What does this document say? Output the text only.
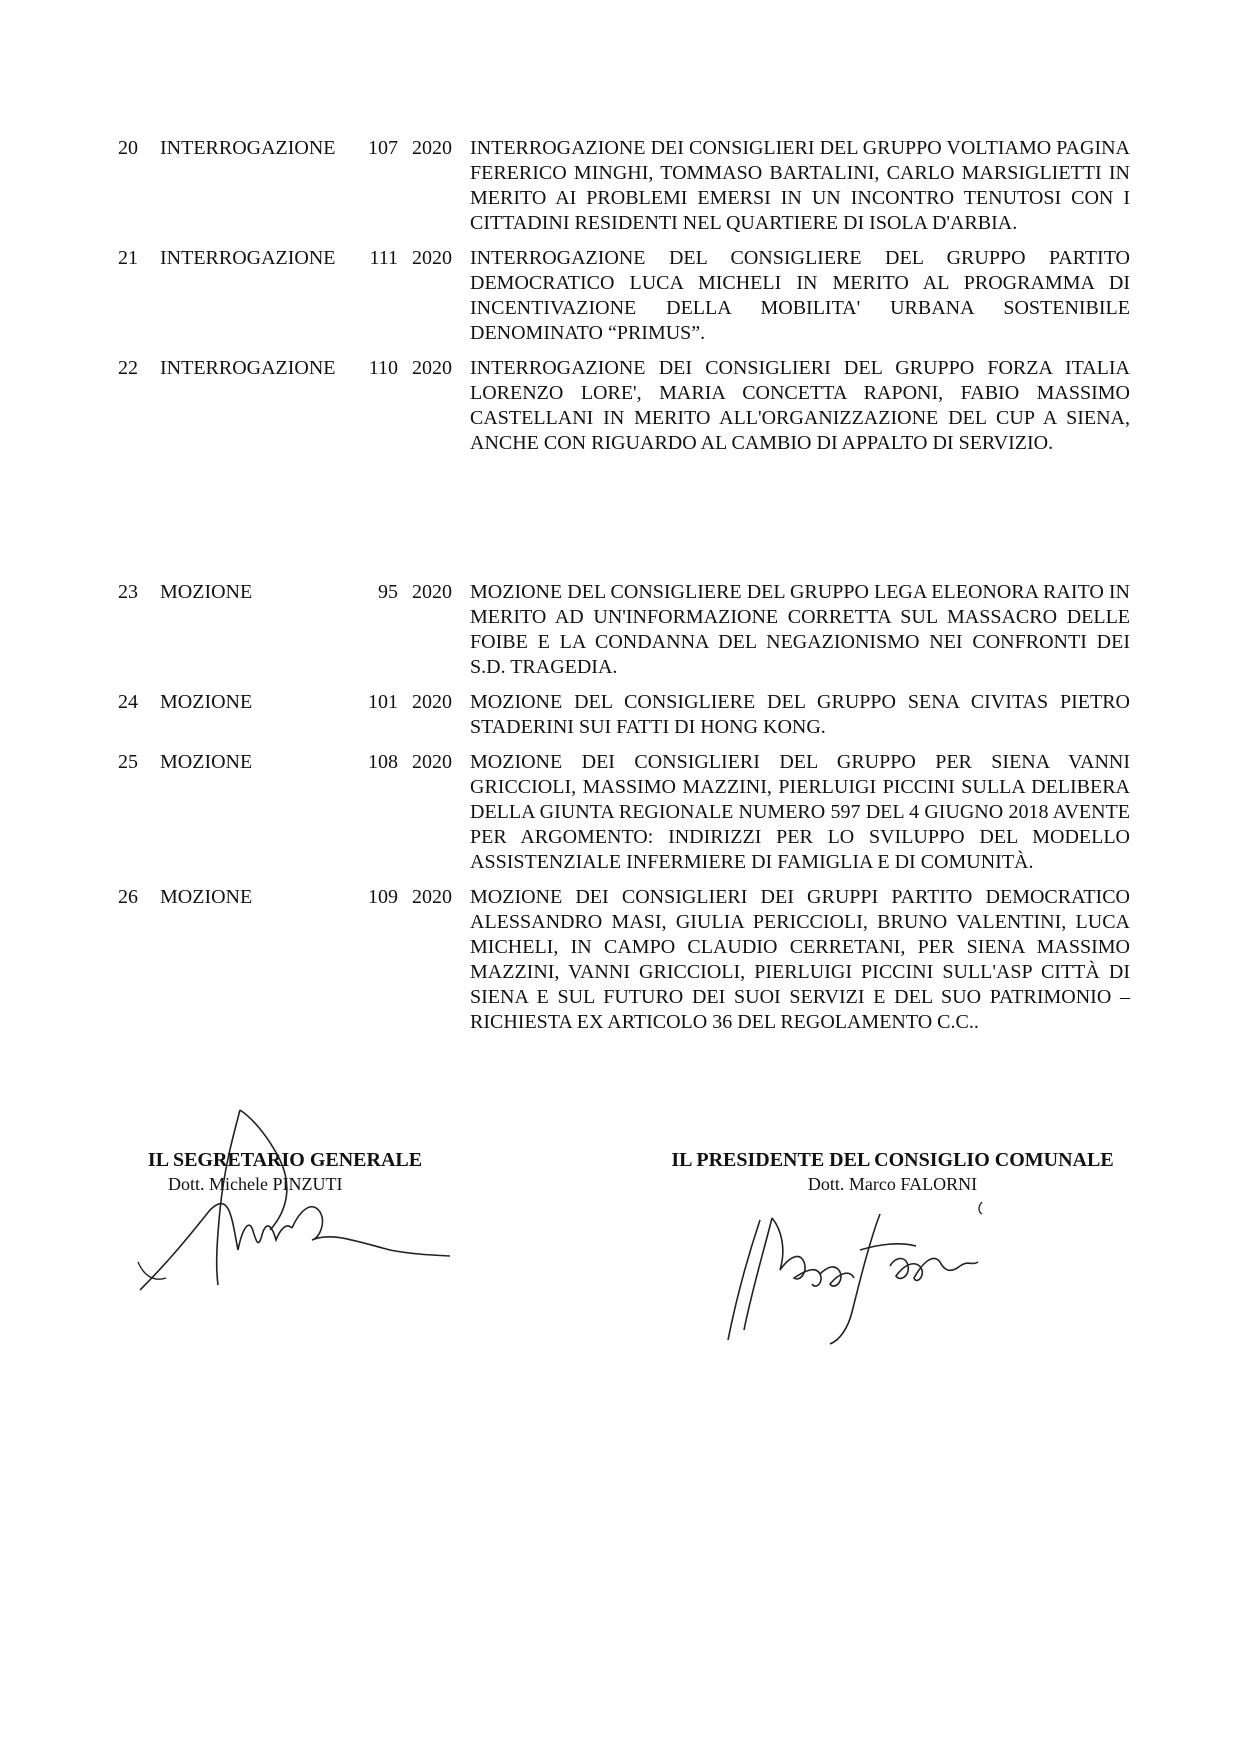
20 INTERROGAZIONE	107 2020 INTERROGAZIONE DEI CONSIGLIERI DEL GRUPPO VOLTIAMO PAGINA FERERICO MINGHI, TOMMASO BARTALINI, CARLO MARSIGLIETTI IN MERITO AI PROBLEMI EMERSI IN UN INCONTRO TENUTOSI CON I CITTADINI RESIDENTI NEL QUARTIERE DI ISOLA D'ARBIA.
21 INTERROGAZIONE	111 2020 INTERROGAZIONE DEL CONSIGLIERE DEL GRUPPO PARTITO DEMOCRATICO LUCA MICHELI IN MERITO AL PROGRAMMA DI INCENTIVAZIONE DELLA MOBILITA' URBANA SOSTENIBILE DENOMINATO “PRIMUS”.
22 INTERROGAZIONE	110 2020 INTERROGAZIONE DEI CONSIGLIERI DEL GRUPPO FORZA ITALIA LORENZO LORE', MARIA CONCETTA RAPONI, FABIO MASSIMO CASTELLANI IN MERITO ALL'ORGANIZZAZIONE DEL CUP A SIENA, ANCHE CON RIGUARDO AL CAMBIO DI APPALTO DI SERVIZIO.
23 MOZIONE	95 2020 MOZIONE DEL CONSIGLIERE DEL GRUPPO LEGA ELEONORA RAITO IN MERITO AD UN'INFORMAZIONE CORRETTA SUL MASSACRO DELLE FOIBE E LA CONDANNA DEL NEGAZIONISMO NEI CONFRONTI DEI S.D. TRAGEDIA.
24 MOZIONE	101 2020 MOZIONE DEL CONSIGLIERE DEL GRUPPO SENA CIVITAS PIETRO STADERINI SUI FATTI DI HONG KONG.
25 MOZIONE	108 2020 MOZIONE DEI CONSIGLIERI DEL GRUPPO PER SIENA VANNI GRICCIOLI, MASSIMO MAZZINI, PIERLUIGI PICCINI SULLA DELIBERA DELLA GIUNTA REGIONALE NUMERO 597 DEL 4 GIUGNO 2018 AVENTE PER ARGOMENTO: INDIRIZZI PER LO SVILUPPO DEL MODELLO ASSISTENZIALE INFERMIERE DI FAMIGLIA E DI COMUNITÀ.
26 MOZIONE	109 2020 MOZIONE DEI CONSIGLIERI DEI GRUPPI PARTITO DEMOCRATICO ALESSANDRO MASI, GIULIA PERICCIOLI, BRUNO VALENTINI, LUCA MICHELI, IN CAMPO CLAUDIO CERRETANI, PER SIENA MASSIMO MAZZINI, VANNI GRICCIOLI, PIERLUIGI PICCINI SULL'ASP CITTÀ DI SIENA E SUL FUTURO DEI SUOI SERVIZI E DEL SUO PATRIMONIO – RICHIESTA EX ARTICOLO 36 DEL REGOLAMENTO C.C..
IL SEGRETARIO GENERALE
Dott. Michele PINZUTI
IL PRESIDENTE DEL CONSIGLIO COMUNALE
Dott. Marco FALORNI
